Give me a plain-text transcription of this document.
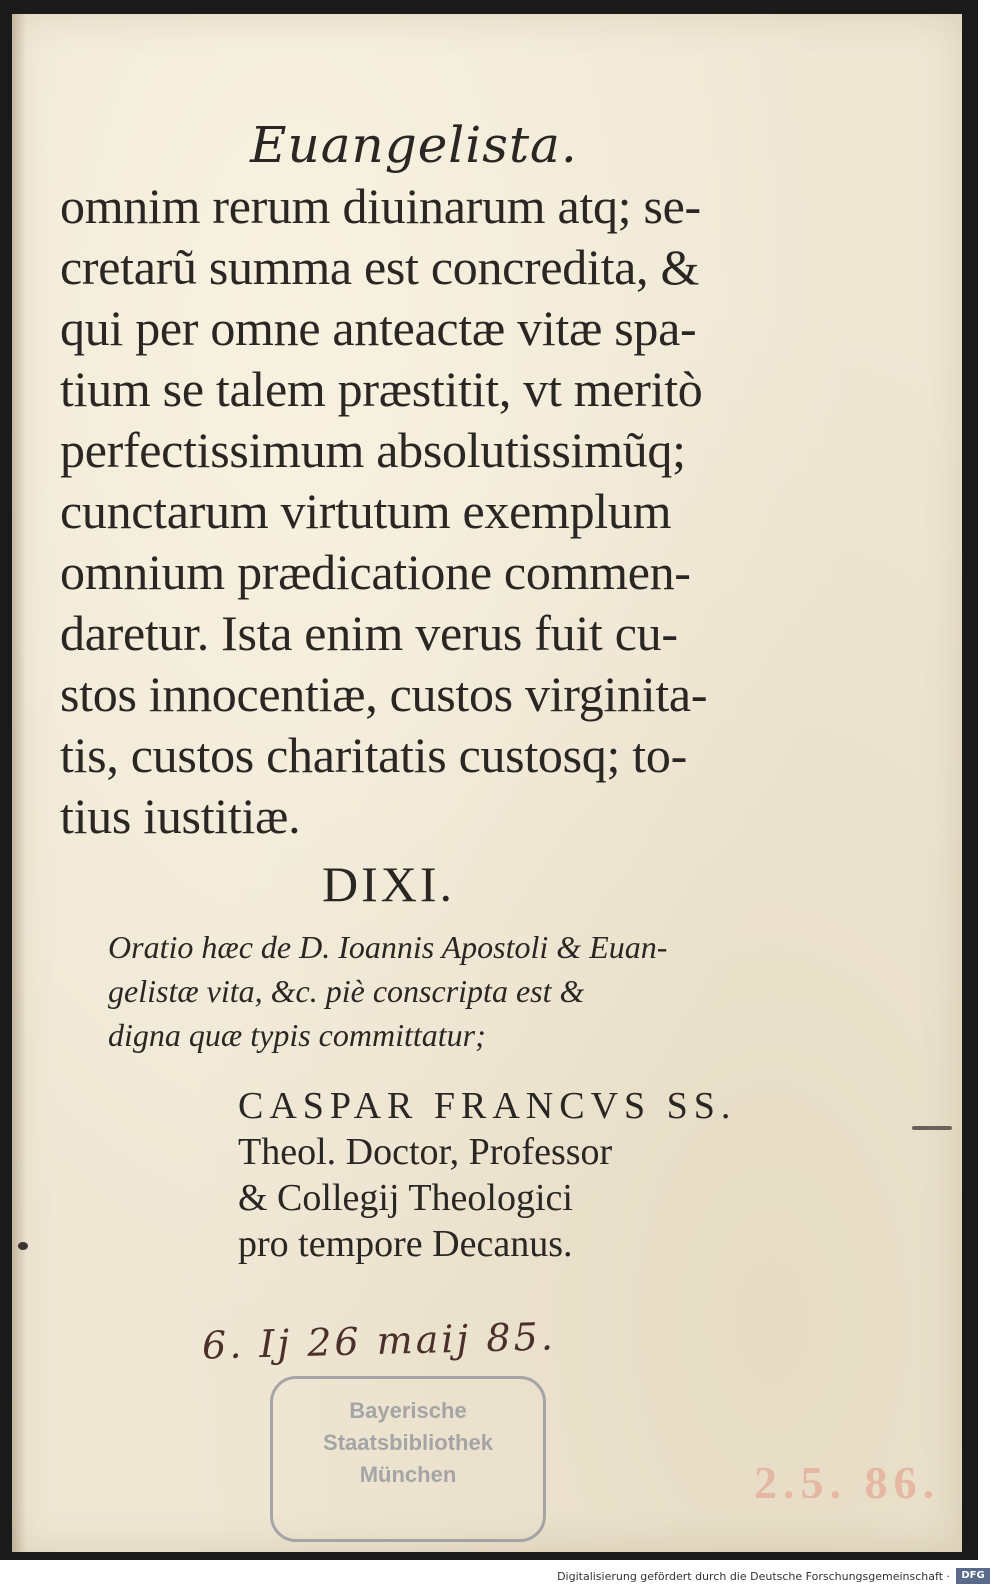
Euangelista.

omnim rerum diuinarum atq; se-

cretarũ summa est concredita, &

qui per omne anteactæ vitæ spa-

tium se talem præstitit, vt meritò

perfectissimum absolutissimũq;

cunctarum virtutum exemplum

omnium prædicatione commen-

daretur. Ista enim verus fuit cu-

stos innocentiæ, custos virginita-

tis, custos charitatis custosq; to-

tius iustitiæ.

DIXI.

Oratio hæc de D. Ioannis Apostoli & Euan-

gelistæ vita, &c. piè conscripta est &

digna quæ typis committatur;

CASPAR FRANCVS SS.

Theol. Doctor, Professor

& Collegij Theologici

pro tempore Decanus.

6. Ij 26 maij 85.
Bayerische
Staatsbibliothek
München	2.5. 86.
Digitalisierung gefördert durch die Deutsche Forschungsgemeinschaft ·	DFG
